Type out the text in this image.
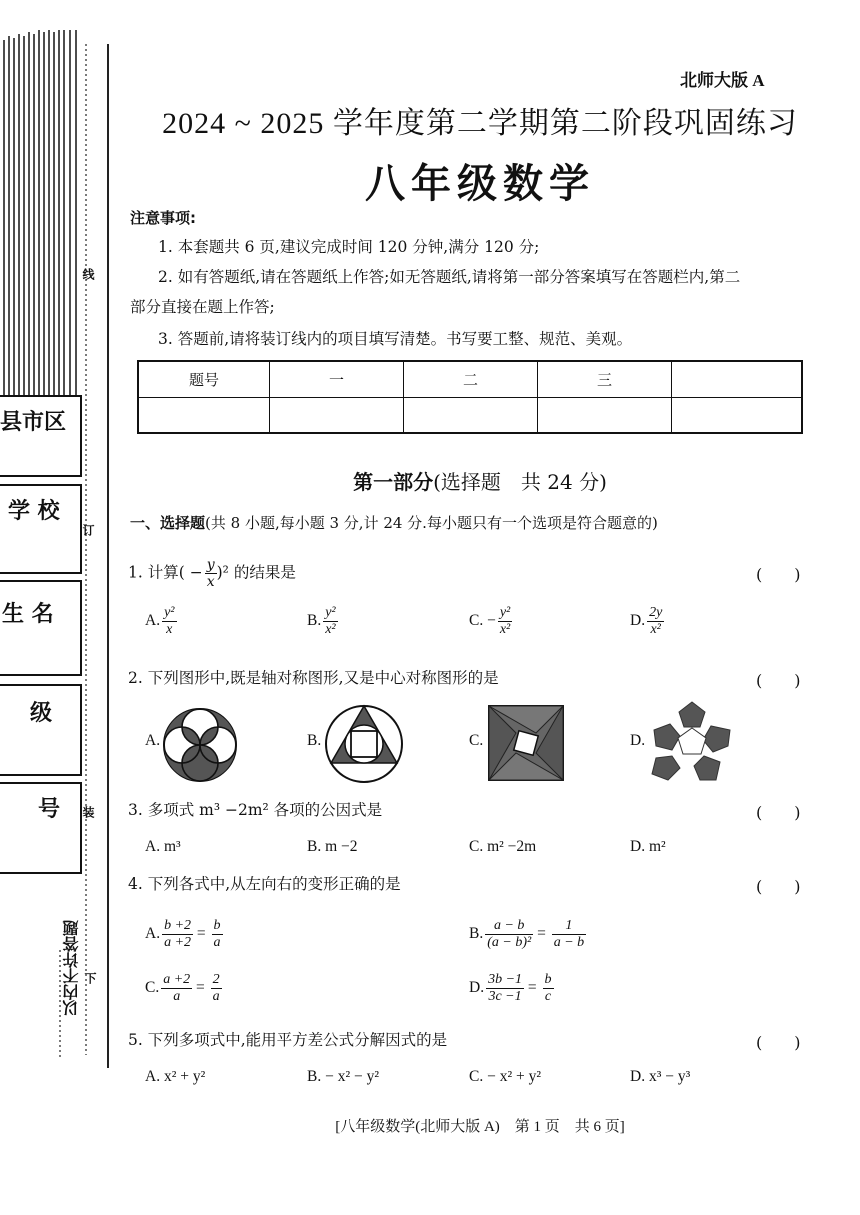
县市区
学 校
生 名
级
号
线
订
装
下
以内不许答题
北师大版 A
2024 ~ 2025 学年度第二学期第二阶段巩固练习
八年级数学
注意事项:
1. 本套题共 6 页,建议完成时间 120 分钟,满分 120 分;
2. 如有答题纸,请在答题纸上作答;如无答题纸,请将第一部分答案填写在答题栏内,第二
部分直接在题上作答;
3. 答题前,请将装订线内的项目填写清楚。书写要工整、规范、美观。
题号	一	二	三	

第一部分(选择题　共 24 分)
一、选择题(共 8 小题,每小题 3 分,计 24 分.每小题只有一个选项是符合题意的)
1. 计算( − $\frac{y}{x} )^2$ 的结果是	(　　)
A. $\frac{\text{y²}}{x}$	B. $\frac{\text{y²}}{\text{x²}}$	C. − $\frac{\text{y²}}{\text{x²}}$	D. $\frac{2y}{\text{x²}}$
2. 下列图形中,既是轴对称图形,又是中心对称图形的是	(　　)
A.	B.	C.	D.
3. 多项式 m³ −2m² 各项的公因式是	(　　)
A. m³	B. m −2	C. m² −2m	D. m²
4. 下列各式中,从左向右的变形正确的是	(　　)
A. $\frac{b +2}{a +2} = \frac{b}{a}$	B. $\frac{a - b}{\text{(a − b)²}} = \frac{1}{a - b}$
C. $\frac{a +2}{a} = \frac{2}{a}$	D. $\frac{3b -1}{3c -1} = \frac{b}{c}$
5. 下列多项式中,能用平方差公式分解因式的是	(　　)
A. x² + y²	B. − x² − y²	C. − x² + y²	D. x³ − y³
[八年级数学(北师大版 A)　第 1 页　共 6 页]
